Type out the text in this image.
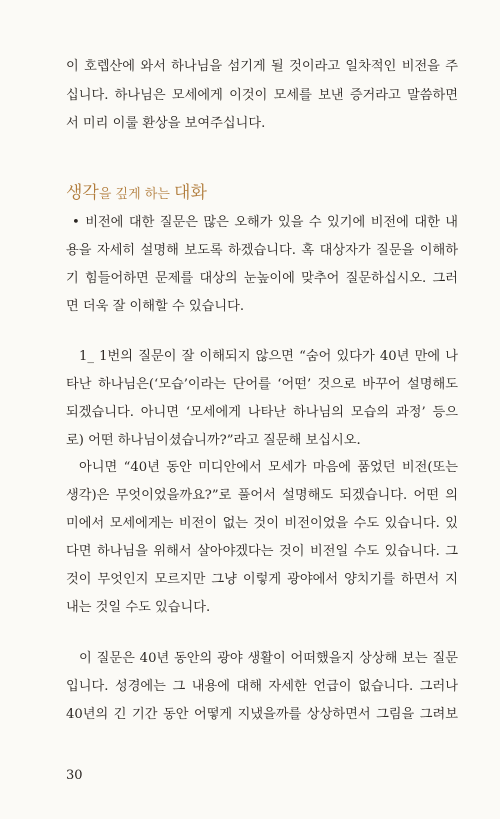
이 호렙산에 와서 하나님을 섬기게 될 것이라고 일차적인 비전을 주
십니다. 하나님은 모세에게 이것이 모세를 보낸 증거라고 말씀하면
서 미리 이룰 환상을 보여주십니다.
생각을 깊게 하는 대화
• 비전에 대한 질문은 많은 오해가 있을 수 있기에 비전에 대한 내
용을 자세히 설명해 보도록 하겠습니다. 혹 대상자가 질문을 이해하
기 힘들어하면 문제를 대상의 눈높이에 맞추어 질문하십시오. 그러
면 더욱 잘 이해할 수 있습니다.
1_ 1번의 질문이 잘 이해되지 않으면 “숨어 있다가 40년 만에 나
타난 하나님은(‘모습’이라는 단어를 ‘어떤’ 것으로 바꾸어 설명해도
되겠습니다. 아니면 ‘모세에게 나타난 하나님의 모습의 과정’ 등으
로) 어떤 하나님이셨습니까?”라고 질문해 보십시오.
아니면 “40년 동안 미디안에서 모세가 마음에 품었던 비전(또는
생각)은 무엇이었을까요?”로 풀어서 설명해도 되겠습니다. 어떤 의
미에서 모세에게는 비전이 없는 것이 비전이었을 수도 있습니다. 있
다면 하나님을 위해서 살아야겠다는 것이 비전일 수도 있습니다. 그
것이 무엇인지 모르지만 그냥 이렇게 광야에서 양치기를 하면서 지
내는 것일 수도 있습니다.
이 질문은 40년 동안의 광야 생활이 어떠했을지 상상해 보는 질문
입니다. 성경에는 그 내용에 대해 자세한 언급이 없습니다. 그러나
40년의 긴 기간 동안 어떻게 지냈을까를 상상하면서 그림을 그려보
30
